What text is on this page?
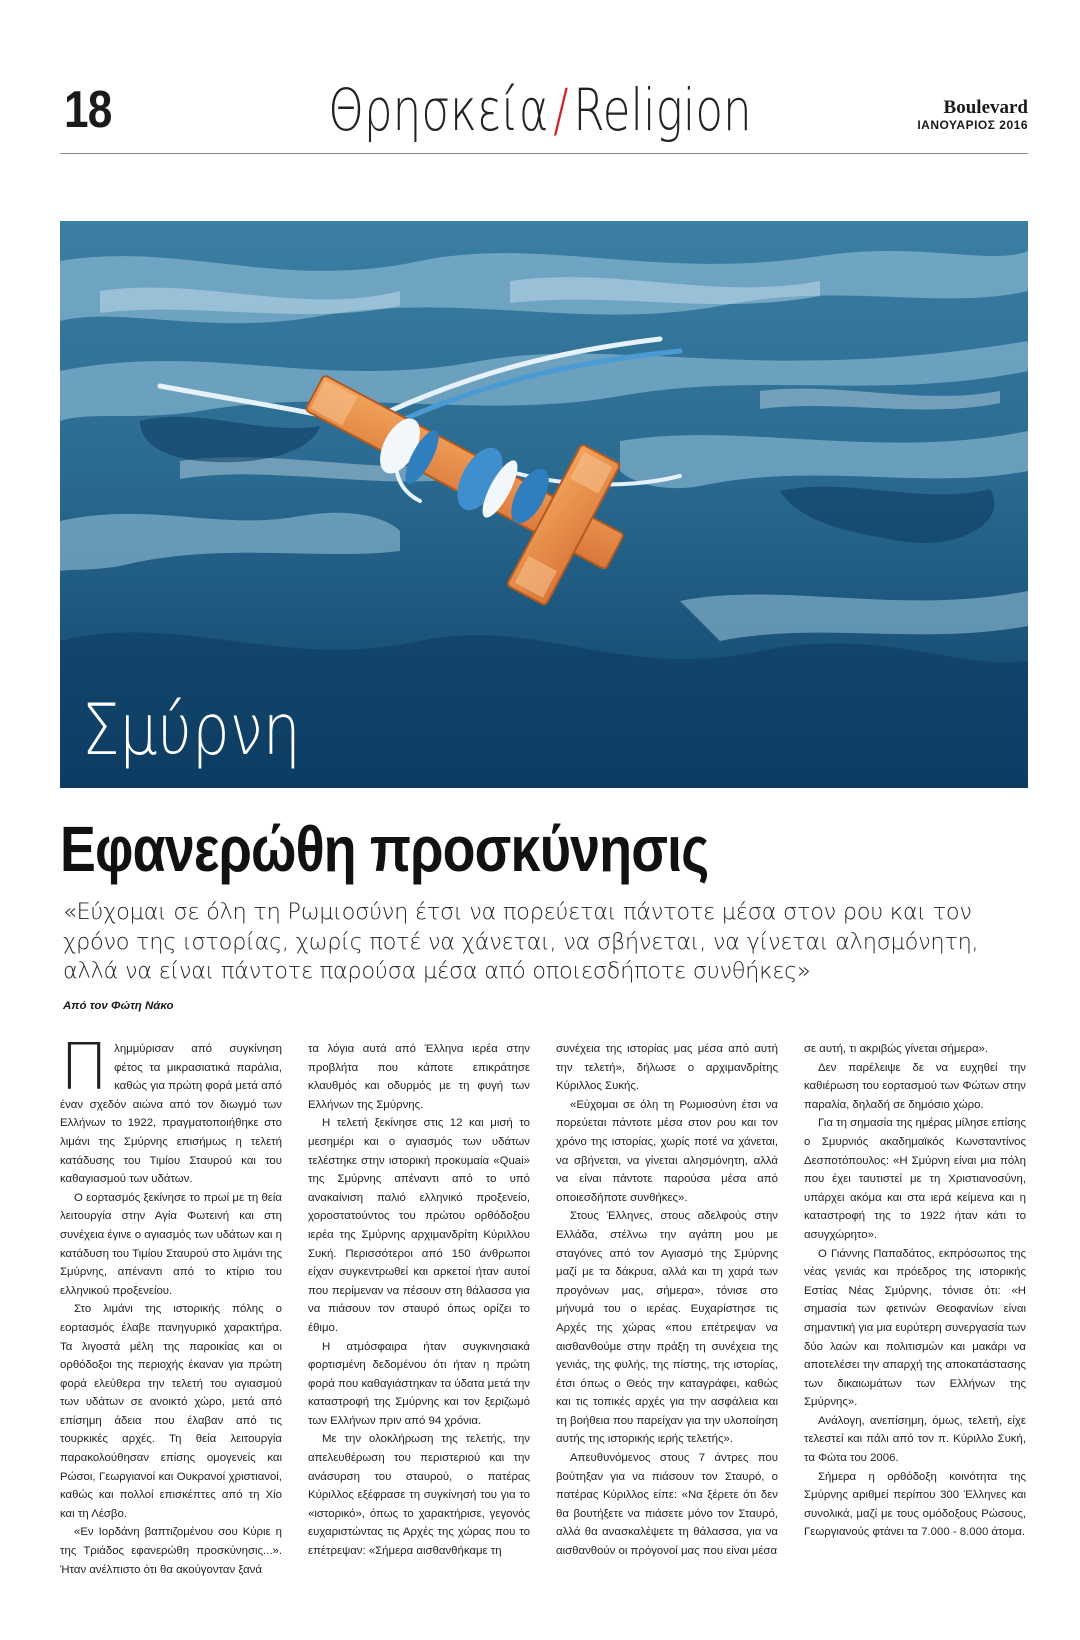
18	Θρησκεία/Religion	Boulevard
ΙΑΝΟΥΑΡΙΟΣ 2016
Σμύρνη
Εφανερώθη προσκύνησις
«Εύχομαι σε όλη τη Ρωμιοσύνη έτσι να πορεύεται πάντοτε μέσα στον ρου και τον χρόνο της ιστορίας, χωρίς ποτέ να χάνεται, να σβήνεται, να γίνεται αλησμόνητη, αλλά να είναι πάντοτε παρούσα μέσα από οποιεσδήποτε συνθήκες»
Από τον Φώτη Νάκο

Πλημμύρισαν από συγκίνηση φέτος τα μικρασιατικά παράλια, καθώς για πρώτη φορά μετά από έναν σχεδόν αιώνα από τον διωγμό των Ελλήνων το 1922, πραγματοποιήθηκε στο λιμάνι της Σμύρνης επισήμως η τελετή κατάδυσης του Τιμίου Σταυρού και του καθαγιασμού των υδάτων.

Ο εορτασμός ξεκίνησε το πρωί με τη θεία λειτουργία στην Αγία Φωτεινή και στη συνέχεια έγινε ο αγιασμός των υδάτων και η κατάδυση του Τιμίου Σταυρού στο λιμάνι της Σμύρνης, απέναντι από το κτίριο του ελληνικού προξενείου.

Στο λιμάνι της ιστορικής πόλης ο εορτασμός έλαβε πανηγυρικό χαρακτήρα. Τα λιγοστά μέλη της παροικίας και οι ορθόδοξοι της περιοχής έκαναν για πρώτη φορά ελεύθερα την τελετή του αγιασμού των υδάτων σε ανοικτό χώρο, μετά από επίσημη άδεια που έλαβαν από τις τουρκικές αρχές. Τη θεία λειτουργία παρακολούθησαν επίσης ομογενείς και Ρώσοι, Γεωργιανοί και Ουκρανοί χριστιανοί, καθώς και πολλοί επισκέπτες από τη Χίο και τη Λέσβο.

«Εν Ιορδάνη βαπτιζομένου σου Κύριε η της Τριάδος εφανερώθη προσκύνησις...». Ήταν ανέλπιστο ότι θα ακούγονταν ξανά

τα λόγια αυτά από Έλληνα ιερέα στην προβλήτα που κάποτε επικράτησε κλαυθμός και οδυρμός με τη φυγή των Ελλήνων της Σμύρνης.

Η τελετή ξεκίνησε στις 12 και μισή το μεσημέρι και ο αγιασμός των υδάτων τελέστηκε στην ιστορική προκυμαία «Quai» της Σμύρνης απέναντι από το υπό ανακαίνιση παλιό ελληνικό προξενείο, χοροστατούντος του πρώτου ορθόδοξου ιερέα της Σμύρνης αρχιμανδρίτη Κύριλλου Συκή. Περισσότεροι από 150 άνθρωποι είχαν συγκεντρωθεί και αρκετοί ήταν αυτοί που περίμεναν να πέσουν στη θάλασσα για να πιάσουν τον σταυρό όπως ορίζει το έθιμο.

Η ατμόσφαιρα ήταν συγκινησιακά φορτισμένη δεδομένου ότι ήταν η πρώτη φορά που καθαγιάστηκαν τα ύδατα μετά την καταστροφή της Σμύρνης και τον ξεριζωμό των Ελλήνων πριν από 94 χρόνια.

Με την ολοκλήρωση της τελετής, την απελευθέρωση του περιστεριού και την ανάσυρση του σταυρού, ο πατέρας Κύριλλος εξέφρασε τη συγκίνησή του για το «ιστορικό», όπως το χαρακτήρισε, γεγονός ευχαριστώντας τις Αρχές της χώρας που το επέτρεψαν: «Σήμερα αισθανθήκαμε τη

συνέχεια της ιστορίας μας μέσα από αυτή την τελετή», δήλωσε ο αρχιμανδρίτης Κύριλλος Συκής.

«Εύχομαι σε όλη τη Ρωμιοσύνη έτσι να πορεύεται πάντοτε μέσα στον ρου και τον χρόνο της ιστορίας, χωρίς ποτέ να χάνεται, να σβήνεται, να γίνεται αλησμόνητη, αλλά να είναι πάντοτε παρούσα μέσα από οποιεσδήποτε συνθήκες».

Στους Έλληνες, στους αδελφούς στην Ελλάδα, στέλνω την αγάπη μου με σταγόνες από τον Αγιασμό της Σμύρνης μαζί με τα δάκρυα, αλλά και τη χαρά των προγόνων μας, σήμερα», τόνισε στο μήνυμά του ο ιερέας. Ευχαρίστησε τις Αρχές της χώρας «που επέτρεψαν να αισθανθούμε στην πράξη τη συνέχεια της γενιάς, της φυλής, της πίστης, της ιστορίας, έτσι όπως ο Θεός την καταγράφει, καθώς και τις τοπικές αρχές για την ασφάλεια και τη βοήθεια που παρείχαν για την υλοποίηση αυτής της ιστορικής ιερής τελετής».

Απευθυνόμενος στους 7 άντρες που βούτηξαν για να πιάσουν τον Σταυρό, ο πατέρας Κύριλλος είπε: «Να ξέρετε ότι δεν θα βουτήξετε να πιάσετε μόνο τον Σταυρό, αλλά θα ανασκαλέψετε τη θάλασσα, για να αισθανθούν οι πρόγονοί μας που είναι μέσα

σε αυτή, τι ακριβώς γίνεται σήμερα».

Δεν παρέλειψε δε να ευχηθεί την καθιέρωση του εορτασμού των Φώτων στην παραλία, δηλαδή σε δημόσιο χώρο.

Για τη σημασία της ημέρας μίλησε επίσης ο Σμυρνιός ακαδημαϊκός Κωνσταντίνος Δεσποτόπουλος: «Η Σμύρνη είναι μια πόλη που έχει ταυτιστεί με τη Χριστιανοσύνη, υπάρχει ακόμα και στα ιερά κείμενα και η καταστροφή της το 1922 ήταν κάτι το ασυγχώρητο».

Ο Γιάννης Παπαδάτος, εκπρόσωπος της νέας γενιάς και πρόεδρος της ιστορικής Εστίας Νέας Σμύρνης, τόνισε ότι: «Η σημασία των φετινών Θεοφανίων είναι σημαντική για μια ευρύτερη συνεργασία των δύο λαών και πολιτισμών και μακάρι να αποτελέσει την απαρχή της αποκατάστασης των δικαιωμάτων των Ελλήνων της Σμύρνης».

Ανάλογη, ανεπίσημη, όμως, τελετή, είχε τελεστεί και πάλι από τον π. Κύριλλο Συκή, τα Φώτα του 2006.

Σήμερα η ορθόδοξη κοινότητα της Σμύρνης αριθμεί περίπου 300 Έλληνες και συνολικά, μαζί με τους ομόδοξους Ρώσους, Γεωργιανούς φτάνει τα 7.000 - 8.000 άτομα.
